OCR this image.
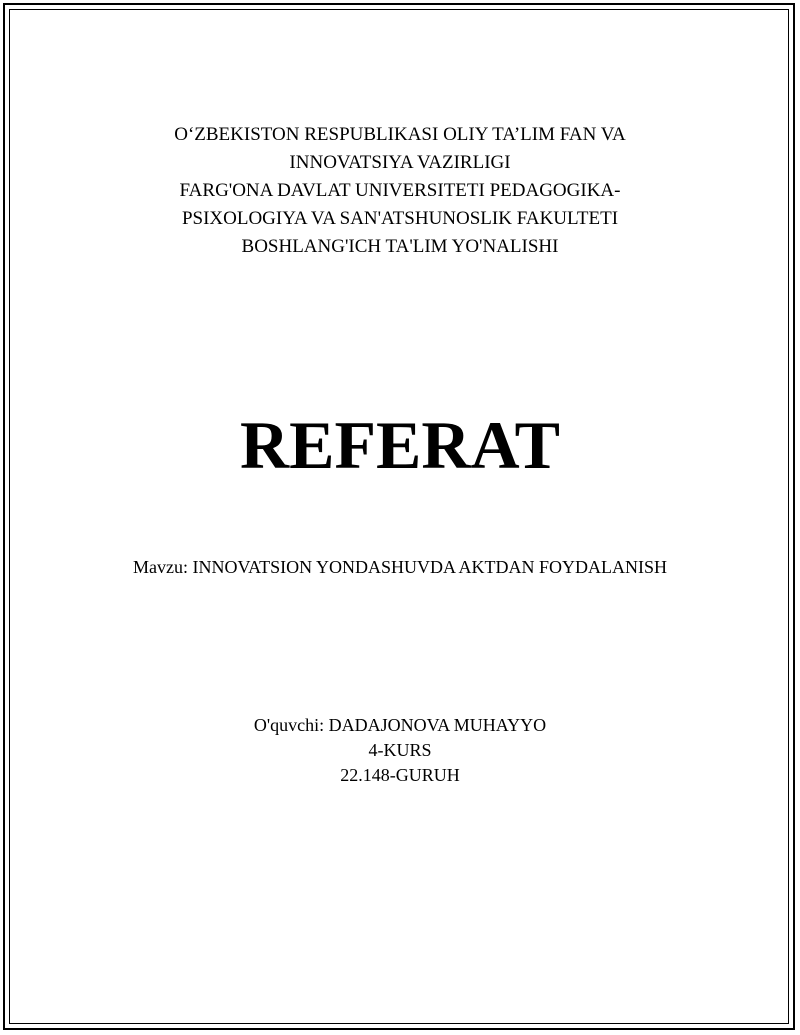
O‘ZBEKISTON RESPUBLIKASI OLIY TA’LIM FAN VA
INNOVATSIYA VAZIRLIGI
FARG'ONA DAVLAT UNIVERSITETI PEDAGOGIKA-
PSIXOLOGIYA VA SAN'ATSHUNOSLIK FAKULTETI
BOSHLANG'ICH TA'LIM YO'NALISHI
REFERAT
Mavzu: INNOVATSION YONDASHUVDA AKTDAN FOYDALANISH
O'quvchi: DADAJONOVA MUHAYYO
4-KURS
22.148-GURUH
